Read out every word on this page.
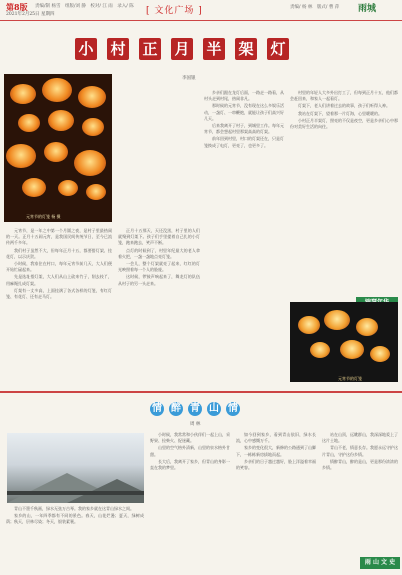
第8版
2021年2月25日 星期四
责编/制 杨雪　组版/刘 静　校对/ 江 雨　录入/ 陈 [ 文化广场 ]	责编/ 杨 林　版式/ 曹 萍 雨城
小 村 正 月 半 架 灯
李国银
元宵节的灯笼 杨 摄

元宵节，是一年之中第一个月圆之夜，是村子里最热闹的一天。正月十五闹元宵，是我国民间传统节日，至今已流传两千多年。

我们村子虽然不大，但每年正月十五，都要搭灯架、挂花灯，以示庆贺。

小时候，我家住在村口，每年元宵节前几天，大人们便开始忙碌起来。

先是选址搭灯架，大人们从山上砍来竹子，削去枝丫，用麻绳扎成灯架。

灯架有一丈多高，上面挂满了各式各样的灯笼，有红灯笼、有花灯、还有走马灯。

正月十五那天，天还没黑，村子里的人们就聚到灯架下。孩子们手里提着自己扎的小灯笼，跑来跑去，笑声不断。

点灯的时候到了，村里年纪最大的老人拿着火把，一盏一盏地点亮灯笼。

一会儿，整个灯架就亮了起来，红红的灯光映照着每一个人的脸庞。

这时候，锣鼓声响起来了，舞龙灯的队伍从村子的另一头走来。

乡亲们跟在龙灯后面，一路走一路看，从村头走到村尾，热闹非凡。

那时候的元宵节，没有现在这么多娱乐活动，一盏灯、一串鞭炮，就能让孩子们高兴好几天。

后来我离开了村子，到城里工作。每年元宵节，都会想起村里那架高高的灯架。

前年回到村里，村口的灯架还在，只是灯笼换成了电灯，更亮了，也更多了。

村里的年轻人大多外出打工了，但每到正月十五，他们都会赶回来，和家人一起看灯。

灯架下，老人们讲着过去的故事，孩子们听得入神。

我站在灯架下，望着那一片灯海，心里暖暖的。

小村正月半架灯，照亮的不仅是夜空，更是乡亲们心中那份对美好生活的向往。

元宵节的灯笼
情 醉 青 山 情
周 林

青山不墨千秋画，绿水无弦万古琴。我的家乡就在这青山绿水之间。

家乡的山，一年四季都有不同的景色。春天，山花烂漫；夏天，绿树成荫；秋天，层林尽染；冬天，银装素裹。

小时候，我常常和小伙伴们一起上山，采野果、捡柴火、捉迷藏。

山里的空气格外清新，山里的泉水格外甘甜。

长大后，我离开了家乡，但青山的身影一直在我的梦里。

如今回到家乡，看到青山依旧，绿水长流，心中感慨万千。

家乡的变化很大，新修的公路通到了山脚下，一栋栋新房拔地而起。

乡亲们的日子越过越好，脸上洋溢着幸福的笑容。

站在山顶，远眺群山，我深深地爱上了这片土地。

青山不老，情意长存。我愿永远守护这片青山，守护这份乡情。

情醉青山，醉的是山，更是那份浓浓的乡情。

雨 山 文 史
